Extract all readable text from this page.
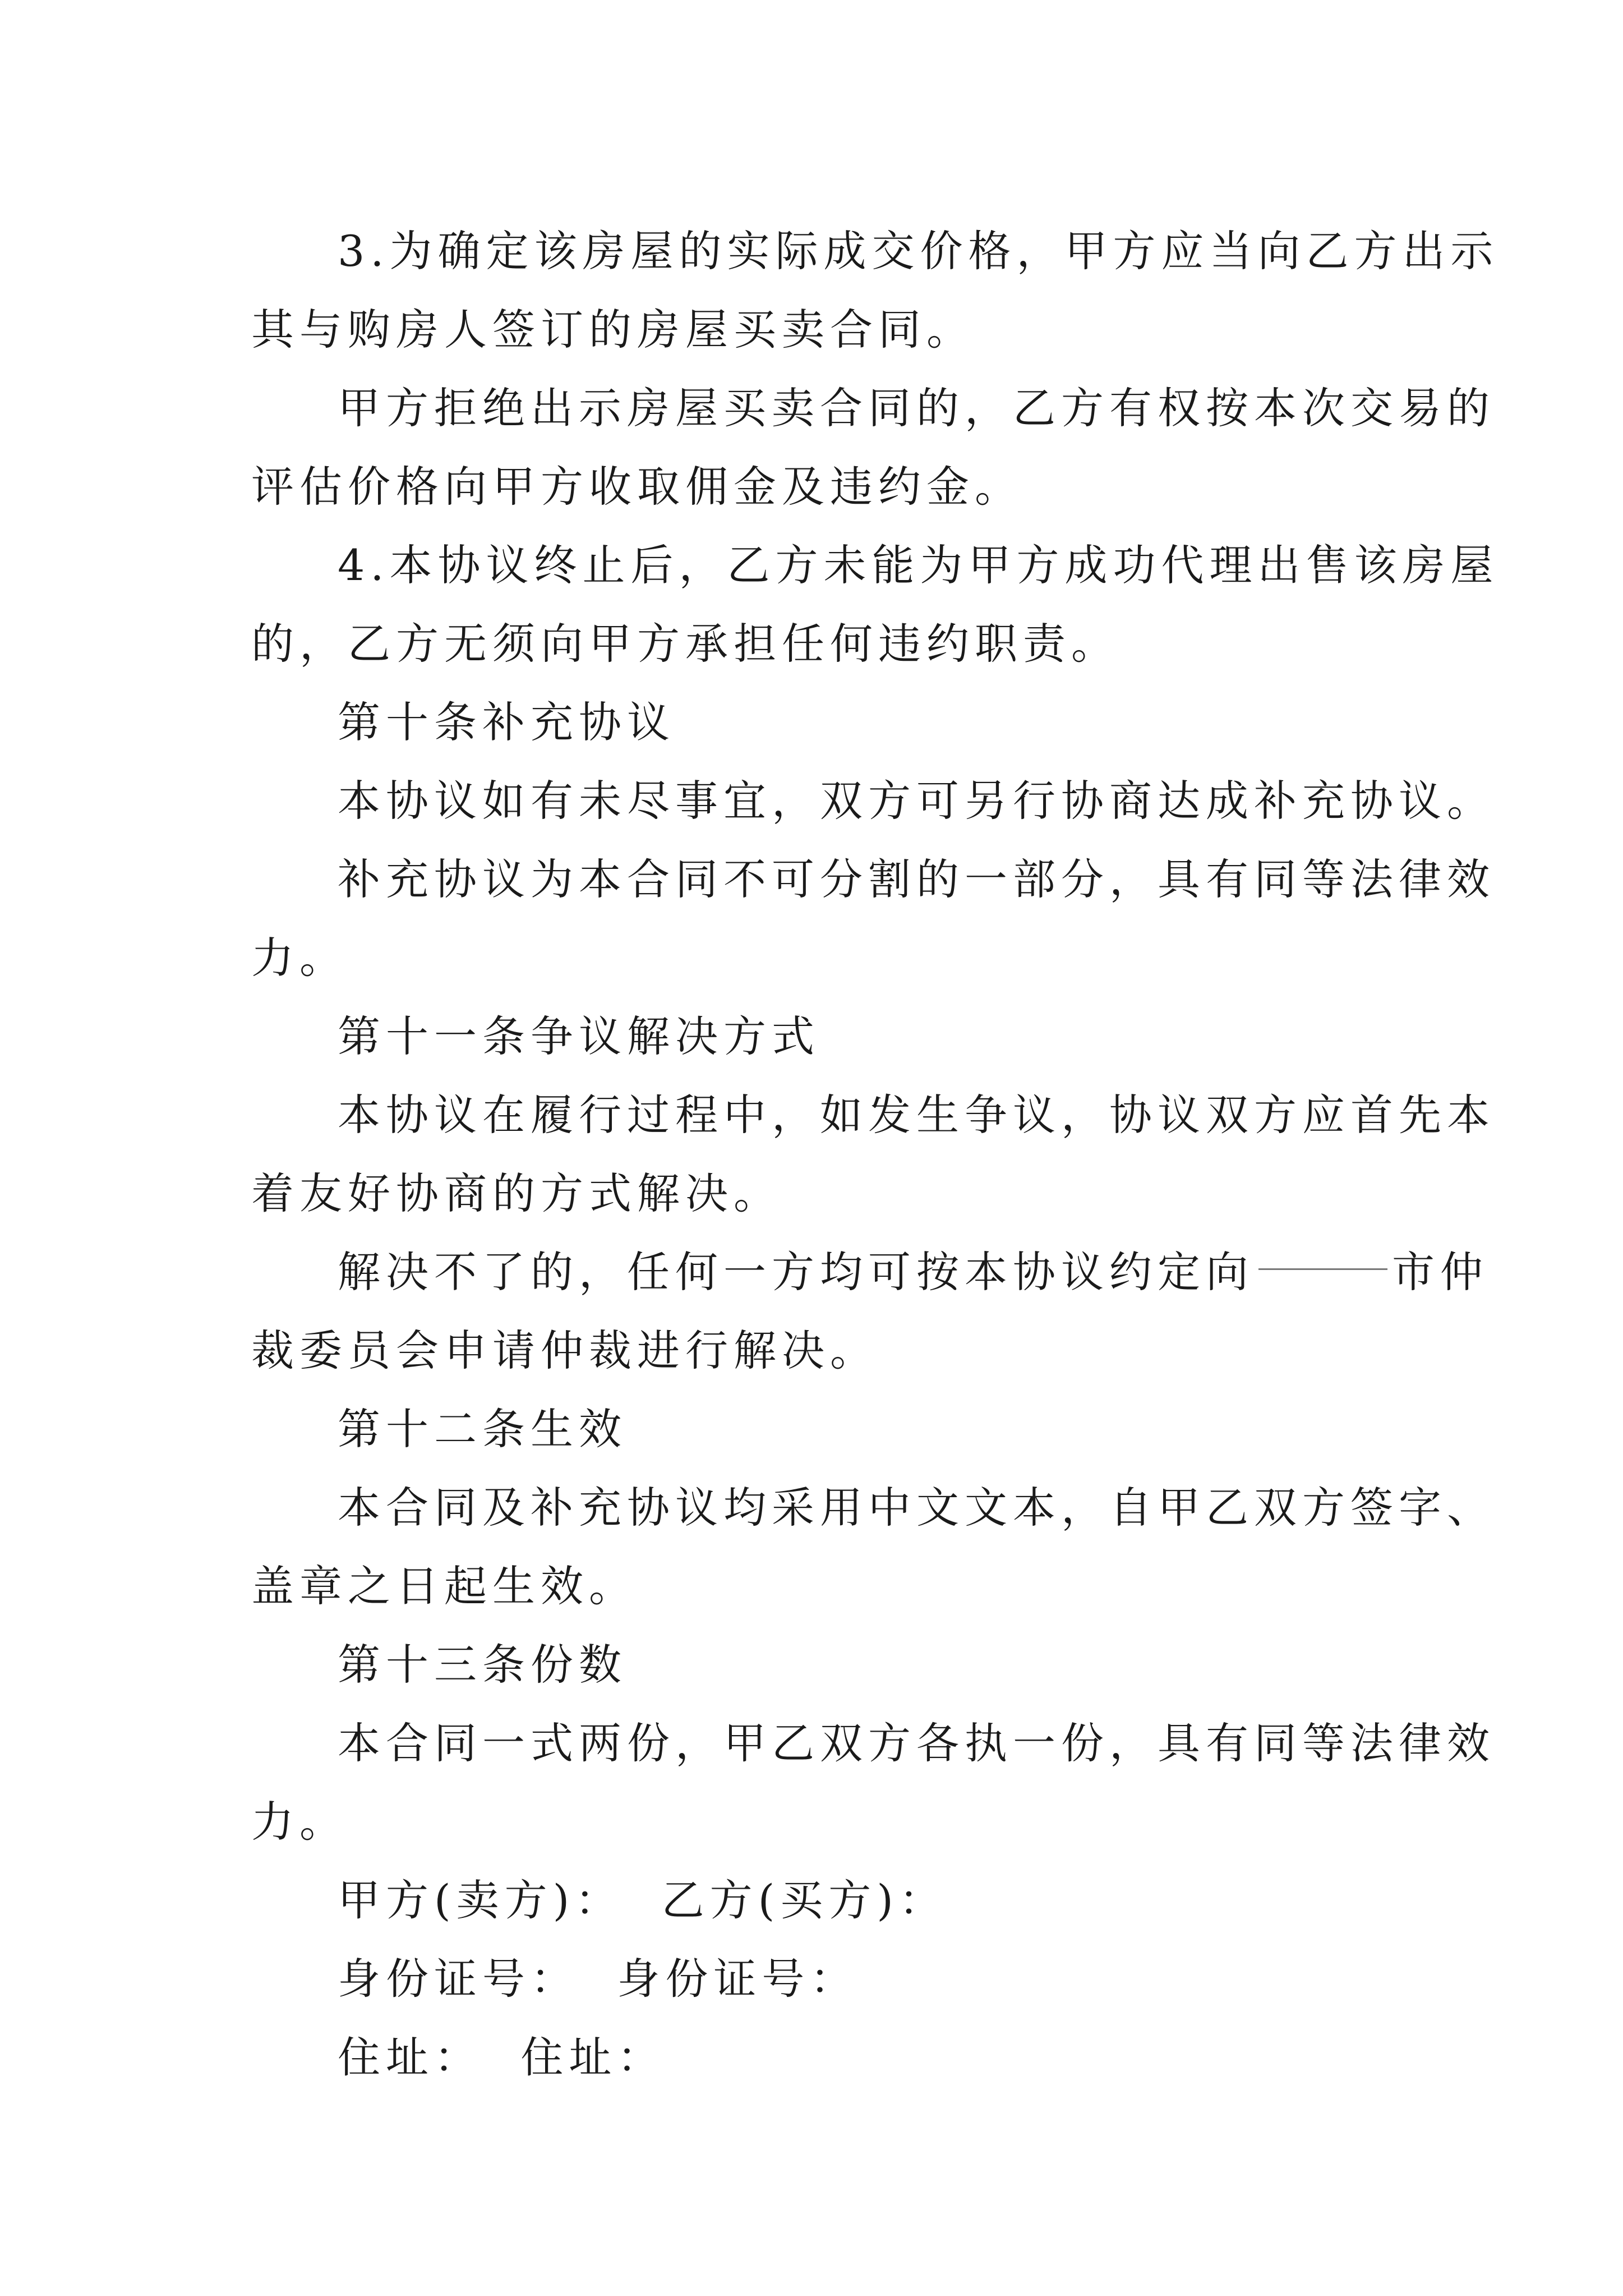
3.为确定该房屋的实际成交价格，甲方应当向乙方出示
其与购房人签订的房屋买卖合同。
甲方拒绝出示房屋买卖合同的，乙方有权按本次交易的
评估价格向甲方收取佣金及违约金。
4.本协议终止后，乙方未能为甲方成功代理出售该房屋
的，乙方无须向甲方承担任何违约职责。
第十条补充协议
本协议如有未尽事宜，双方可另行协商达成补充协议。
补充协议为本合同不可分割的一部分，具有同等法律效
力。
第十一条争议解决方式
本协议在履行过程中，如发生争议，协议双方应首先本
着友好协商的方式解决。
解决不了的，任何一方均可按本协议约定向	市仲
裁委员会申请仲裁进行解决。
第十二条生效
本合同及补充协议均采用中文文本，自甲乙双方签字、
盖章之日起生效。
第十三条份数
本合同一式两份，甲乙双方各执一份，具有同等法律效
力。
甲方(卖方)：  乙方(买方)：
身份证号：  身份证号：
住址：  住址：
